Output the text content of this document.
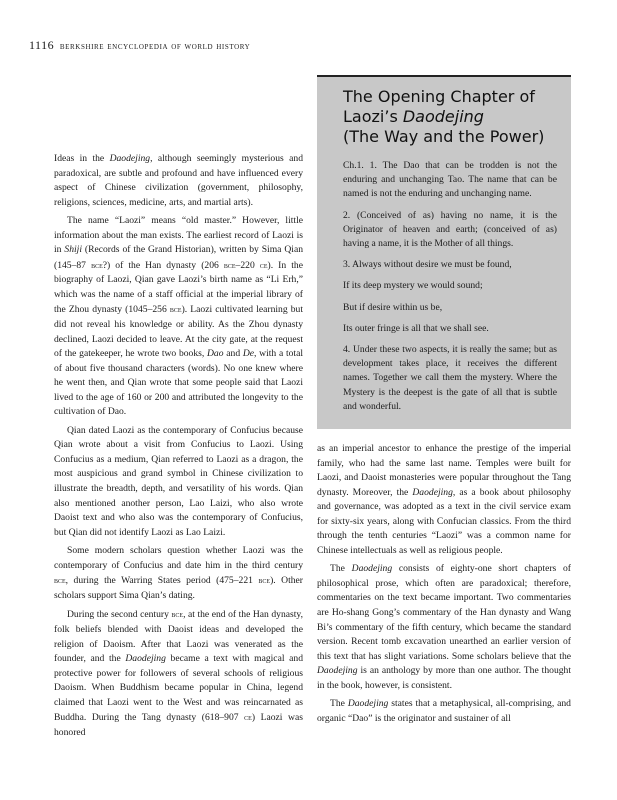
1116 berkshire encyclopedia of world history
The Opening Chapter of
Laozi’s Daodejing
(The Way and the Power)

Ch.1. 1. The Dao that can be trodden is not the enduring and unchanging Tao. The name that can be named is not the enduring and unchanging name.

2. (Conceived of as) having no name, it is the Originator of heaven and earth; (conceived of as) having a name, it is the Mother of all things.

3. Always without desire we must be found,

If its deep mystery we would sound;

But if desire within us be,

Its outer fringe is all that we shall see.

4. Under these two aspects, it is really the same; but as development takes place, it receives the different names. Together we call them the mystery. Where the Mystery is the deepest is the gate of all that is subtle and wonderful.

Ideas in the Daodejing, although seemingly mysterious and paradoxical, are subtle and profound and have influenced every aspect of Chinese civilization (government, philosophy, religions, sciences, medicine, arts, and martial arts).

The name “Laozi” means “old master.” However, little information about the man exists. The earliest record of Laozi is in Shiji (Records of the Grand Historian), written by Sima Qian (145–87 bce?) of the Han dynasty (206 bce–220 ce). In the biography of Laozi, Qian gave Laozi’s birth name as “Li Erh,” which was the name of a staff official at the imperial library of the Zhou dynasty (1045–256 bce). Laozi cultivated learning but did not reveal his knowledge or ability. As the Zhou dynasty declined, Laozi decided to leave. At the city gate, at the request of the gatekeeper, he wrote two books, Dao and De, with a total of about five thousand characters (words). No one knew where he went then, and Qian wrote that some people said that Laozi lived to the age of 160 or 200 and attributed the longevity to the cultivation of Dao.

Qian dated Laozi as the contemporary of Confucius because Qian wrote about a visit from Confucius to Laozi. Using Confucius as a medium, Qian referred to Laozi as a dragon, the most auspicious and grand symbol in Chinese civilization to illustrate the breadth, depth, and versatility of his words. Qian also mentioned another person, Lao Laizi, who also wrote Daoist text and who also was the contemporary of Confucius, but Qian did not identify Laozi as Lao Laizi.

Some modern scholars question whether Laozi was the contemporary of Confucius and date him in the third century bce, during the Warring States period (475–221 bce). Other scholars support Sima Qian’s dating.

During the second century bce, at the end of the Han dynasty, folk beliefs blended with Daoist ideas and developed the religion of Daoism. After that Laozi was venerated as the founder, and the Daodejing became a text with magical and protective power for followers of several schools of religious Daoism. When Buddhism became popular in China, legend claimed that Laozi went to the West and was reincarnated as Buddha. During the Tang dynasty (618–907 ce) Laozi was honored

as an imperial ancestor to enhance the prestige of the imperial family, who had the same last name. Temples were built for Laozi, and Daoist monasteries were popular throughout the Tang dynasty. Moreover, the Daodejing, as a book about philosophy and governance, was adopted as a text in the civil service exam for sixty-six years, along with Confucian classics. From the third through the tenth centuries “Laozi” was a common name for Chinese intellectuals as well as religious people.

The Daodejing consists of eighty-one short chapters of philosophical prose, which often are paradoxical; therefore, commentaries on the text became important. Two commentaries are Ho-shang Gong’s commentary of the Han dynasty and Wang Bi’s commentary of the fifth century, which became the standard version. Recent tomb excavation unearthed an earlier version of this text that has slight variations. Some scholars believe that the Daodejing is an anthology by more than one author. The thought in the book, however, is consistent.

The Daodejing states that a metaphysical, all-comprising, and organic “Dao” is the originator and sustainer of all
